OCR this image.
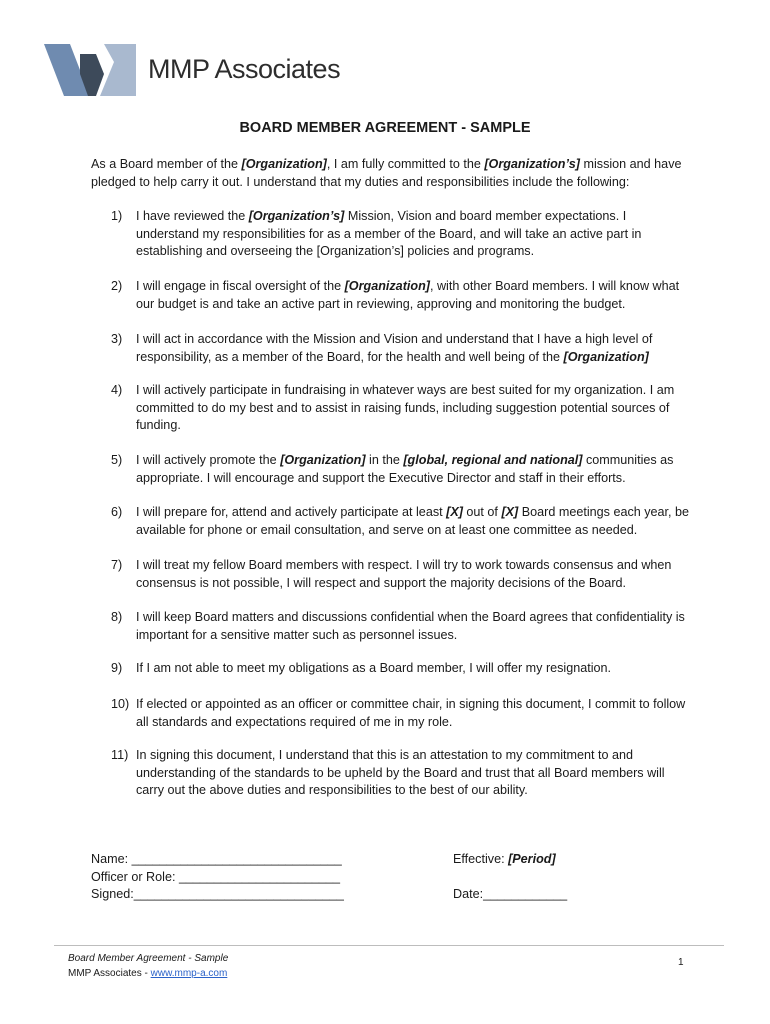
MMP Associates
BOARD MEMBER AGREEMENT - SAMPLE
As a Board member of the [Organization], I am fully committed to the [Organization’s] mission and have pledged to help carry it out. I understand that my duties and responsibilities include the following:
1)	I have reviewed the [Organization’s] Mission, Vision and board member expectations. I understand my responsibilities for as a member of the Board, and will take an active part in establishing and overseeing the [Organization’s] policies and programs.
2)	I will engage in fiscal oversight of the [Organization], with other Board members. I will know what our budget is and take an active part in reviewing, approving and monitoring the budget.
3)	I will act in accordance with the Mission and Vision and understand that I have a high level of responsibility, as a member of the Board, for the health and well being of the [Organization]
4)	I will actively participate in fundraising in whatever ways are best suited for my organization. I am committed to do my best and to assist in raising funds, including suggestion potential sources of funding.
5)	I will actively promote the [Organization] in the [global, regional and national] communities as appropriate. I will encourage and support the Executive Director and staff in their efforts.
6)	I will prepare for, attend and actively participate at least [X] out of [X] Board meetings each year, be available for phone or email consultation, and serve on at least one committee as needed.
7)	I will treat my fellow Board members with respect. I will try to work towards consensus and when consensus is not possible, I will respect and support the majority decisions of the Board.
8)	I will keep Board matters and discussions confidential when the Board agrees that confidentiality is important for a sensitive matter such as personnel issues.
9)	If I am not able to meet my obligations as a Board member, I will offer my resignation.
10) If elected or appointed as an officer or committee chair, in signing this document, I commit to follow all standards and expectations required of me in my role.
11) In signing this document, I understand that this is an attestation to my commitment to and understanding of the standards to be upheld by the Board and trust that all Board members will carry out the above duties and responsibilities to the best of our ability.
Name: ______________________________
Officer or Role: _______________________
Signed:______________________________
Effective: [Period]
Date:____________
Board Member Agreement - Sample
MMP Associates - www.mmp-a.com
1
